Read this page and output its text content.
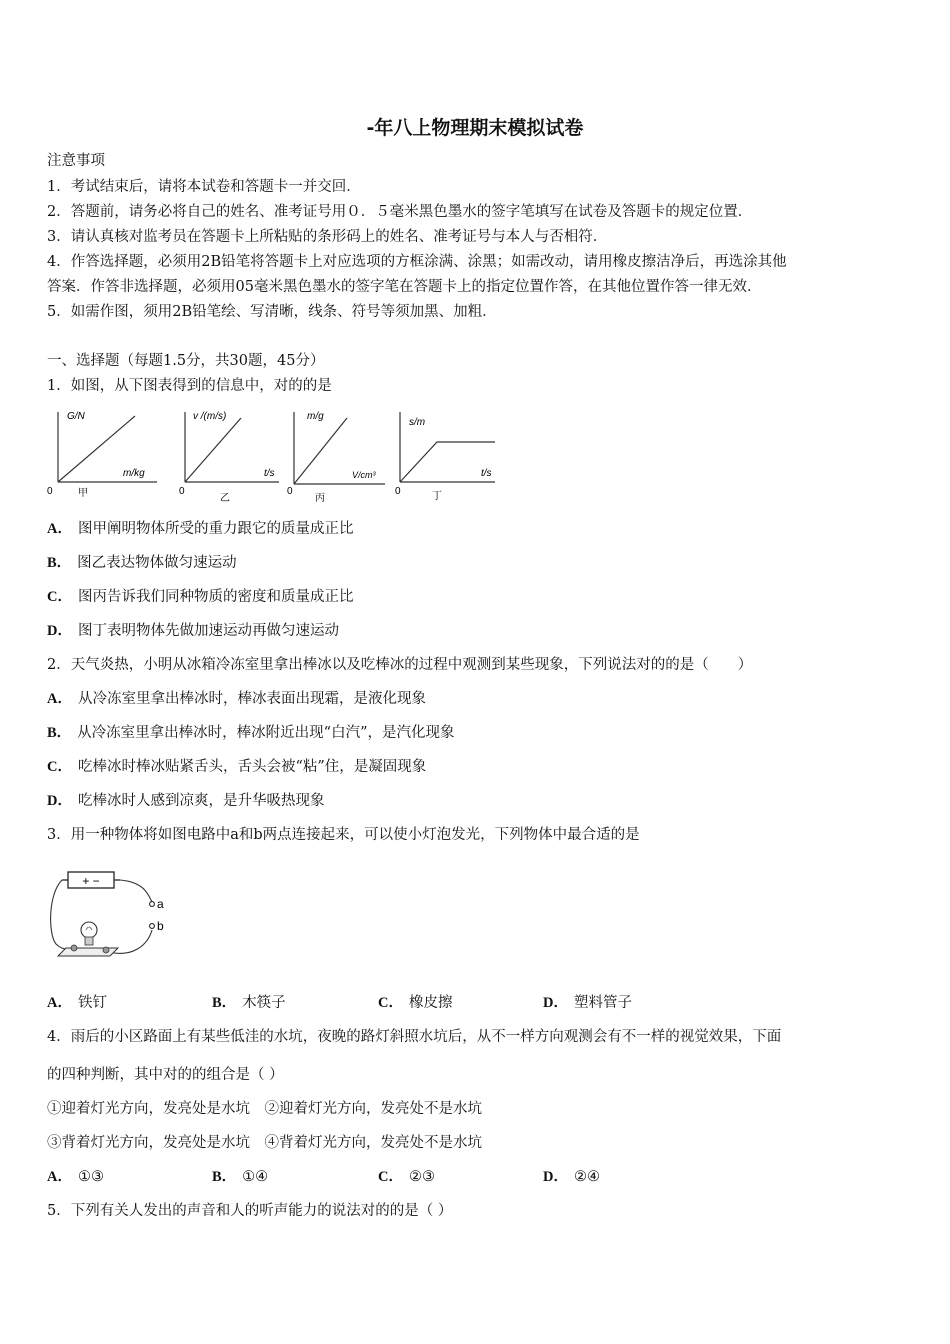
-年八上物理期末模拟试卷
注意事项
1．考试结束后，请将本试卷和答题卡一并交回．
2．答题前，请务必将自己的姓名、准考证号用０．５毫米黑色墨水的签字笔填写在试卷及答题卡的规定位置．
3．请认真核对监考员在答题卡上所粘贴的条形码上的姓名、准考证号与本人与否相符．
4．作答选择题，必须用2B铅笔将答题卡上对应选项的方框涂满、涂黑；如需改动，请用橡皮擦洁净后，再选涂其他
答案．作答非选择题，必须用05毫米黑色墨水的签字笔在答题卡上的指定位置作答，在其他位置作答一律无效．
5．如需作图，须用2B铅笔绘、写清晰，线条、符号等须加黑、加粗．
一、选择题（每题1.5分，共30题，45分）
1．如图，从下图表得到的信息中，对的的是
G/N
m/kg
0	甲
v /(m/s)
t/s
0
乙
m/g
V/cm³
0
丙
s/m
t/s
0	丁
A． 图甲阐明物体所受的重力跟它的质量成正比
B． 图乙表达物体做匀速运动
C． 图丙告诉我们同种物质的密度和质量成正比
D． 图丁表明物体先做加速运动再做匀速运动
2．天气炎热，小明从冰箱冷冻室里拿出棒冰以及吃棒冰的过程中观测到某些现象，下列说法对的的是（　　）
A． 从冷冻室里拿出棒冰时，棒冰表面出现霜，是液化现象
B． 从冷冻室里拿出棒冰时，棒冰附近出现“白汽”，是汽化现象
C． 吃棒冰时棒冰贴紧舌头，舌头会被“粘”住，是凝固现象
D． 吃棒冰时人感到凉爽，是升华吸热现象
3．用一种物体将如图电路中a和b两点连接起来，可以使小灯泡发光，下列物体中最合适的是
+ −
a
b
A． 铁钉	B． 木筷子	C． 橡皮擦	D． 塑料管子
4．雨后的小区路面上有某些低洼的水坑，夜晚的路灯斜照水坑后，从不一样方向观测会有不一样的视觉效果，下面
的四种判断，其中对的的组合是（ ）
①迎着灯光方向，发亮处是水坑　②迎着灯光方向，发亮处不是水坑
③背着灯光方向，发亮处是水坑　④背着灯光方向，发亮处不是水坑
A． ①③	B． ①④	C． ②③	D． ②④
5．下列有关人发出的声音和人的听声能力的说法对的的是（ ）
